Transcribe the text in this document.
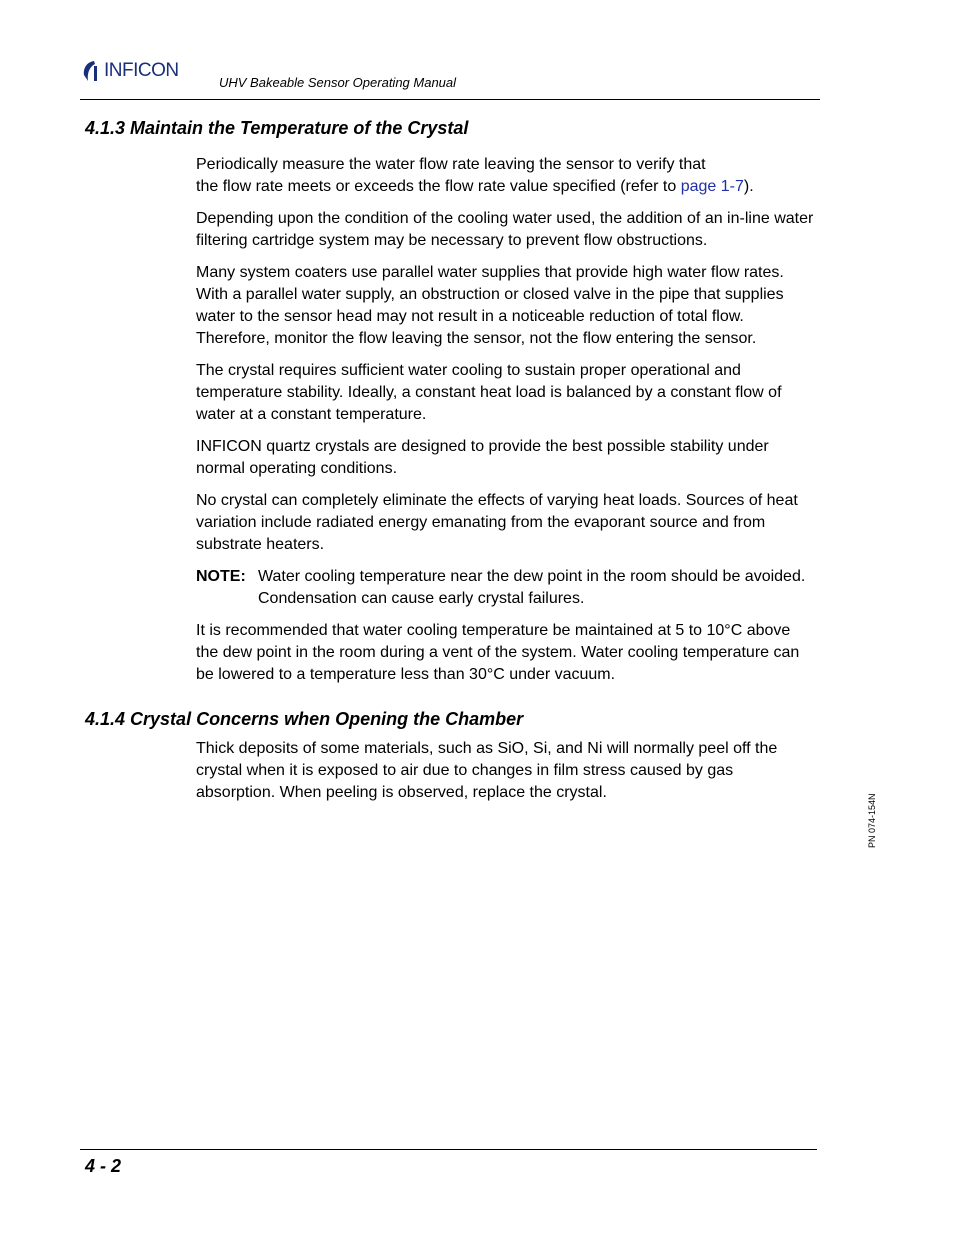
INFICON
UHV Bakeable Sensor Operating Manual
4.1.3 Maintain the Temperature of the Crystal

Periodically measure the water flow rate leaving the sensor to verify that
the flow rate meets or exceeds the flow rate value specified (refer to page 1-7).

Depending upon the condition of the cooling water used, the addition of an in-line water filtering cartridge system may be necessary to prevent flow obstructions.

Many system coaters use parallel water supplies that provide high water flow rates. With a parallel water supply, an obstruction or closed valve in the pipe that supplies water to the sensor head may not result in a noticeable reduction of total flow. Therefore, monitor the flow leaving the sensor, not the flow entering the sensor.

The crystal requires sufficient water cooling to sustain proper operational and temperature stability. Ideally, a constant heat load is balanced by a constant flow of water at a constant temperature.

INFICON quartz crystals are designed to provide the best possible stability under normal operating conditions.

No crystal can completely eliminate the effects of varying heat loads. Sources of heat variation include radiated energy emanating from the evaporant source and from substrate heaters.

NOTE: Water cooling temperature near the dew point in the room should be avoided. Condensation can cause early crystal failures.

It is recommended that water cooling temperature be maintained at 5 to 10°C above the dew point in the room during a vent of the system. Water cooling temperature can be lowered to a temperature less than 30°C under vacuum.

4.1.4 Crystal Concerns when Opening the Chamber

Thick deposits of some materials, such as SiO, Si, and Ni will normally peel off the crystal when it is exposed to air due to changes in film stress caused by gas absorption. When peeling is observed, replace the crystal.

PN 074-154N
4 - 2
